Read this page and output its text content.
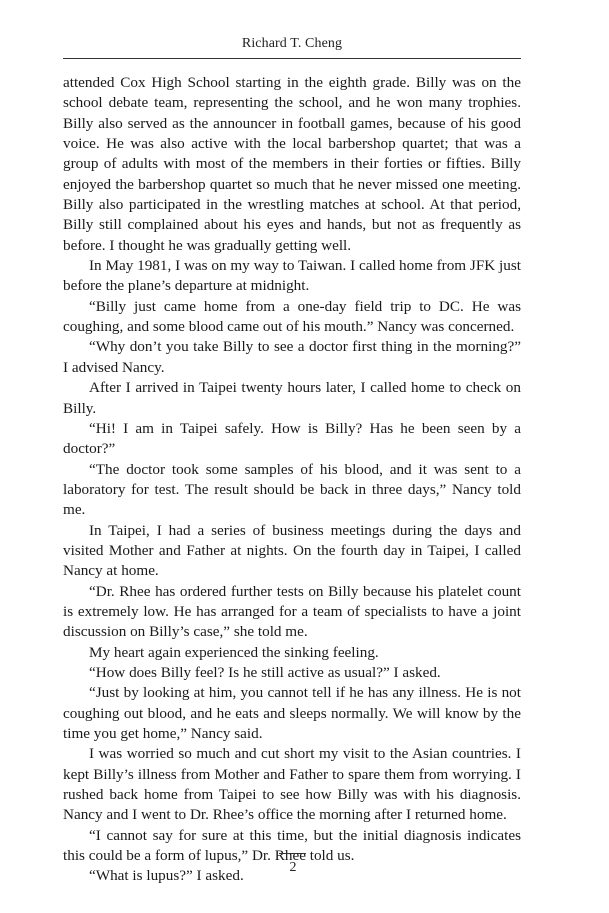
Richard T. Cheng

attended Cox High School starting in the eighth grade. Billy was on the school debate team, representing the school, and he won many trophies. Billy also served as the announcer in football games, because of his good voice. He was also active with the local barbershop quartet; that was a group of adults with most of the members in their forties or fifties. Billy enjoyed the barbershop quartet so much that he never missed one meeting. Billy also participated in the wrestling matches at school. At that period, Billy still complained about his eyes and hands, but not as frequently as before. I thought he was gradually getting well.

In May 1981, I was on my way to Taiwan. I called home from JFK just before the plane’s departure at midnight.

“Billy just came home from a one-day field trip to DC. He was coughing, and some blood came out of his mouth.” Nancy was concerned.

“Why don’t you take Billy to see a doctor first thing in the morning?” I advised Nancy.

After I arrived in Taipei twenty hours later, I called home to check on Billy.

“Hi! I am in Taipei safely. How is Billy? Has he been seen by a doctor?”

“The doctor took some samples of his blood, and it was sent to a laboratory for test. The result should be back in three days,” Nancy told me.

In Taipei, I had a series of business meetings during the days and visited Mother and Father at nights. On the fourth day in Taipei, I called Nancy at home.

“Dr. Rhee has ordered further tests on Billy because his platelet count is extremely low. He has arranged for a team of specialists to have a joint discussion on Billy’s case,” she told me.

My heart again experienced the sinking feeling.

“How does Billy feel? Is he still active as usual?” I asked.

“Just by looking at him, you cannot tell if he has any illness. He is not coughing out blood, and he eats and sleeps normally. We will know by the time you get home,” Nancy said.

I was worried so much and cut short my visit to the Asian countries. I kept Billy’s illness from Mother and Father to spare them from worrying. I rushed back home from Taipei to see how Billy was with his diagnosis. Nancy and I went to Dr. Rhee’s office the morning after I returned home.

“I cannot say for sure at this time, but the initial diagnosis indicates this could be a form of lupus,” Dr. Rhee told us.

“What is lupus?” I asked.	2
